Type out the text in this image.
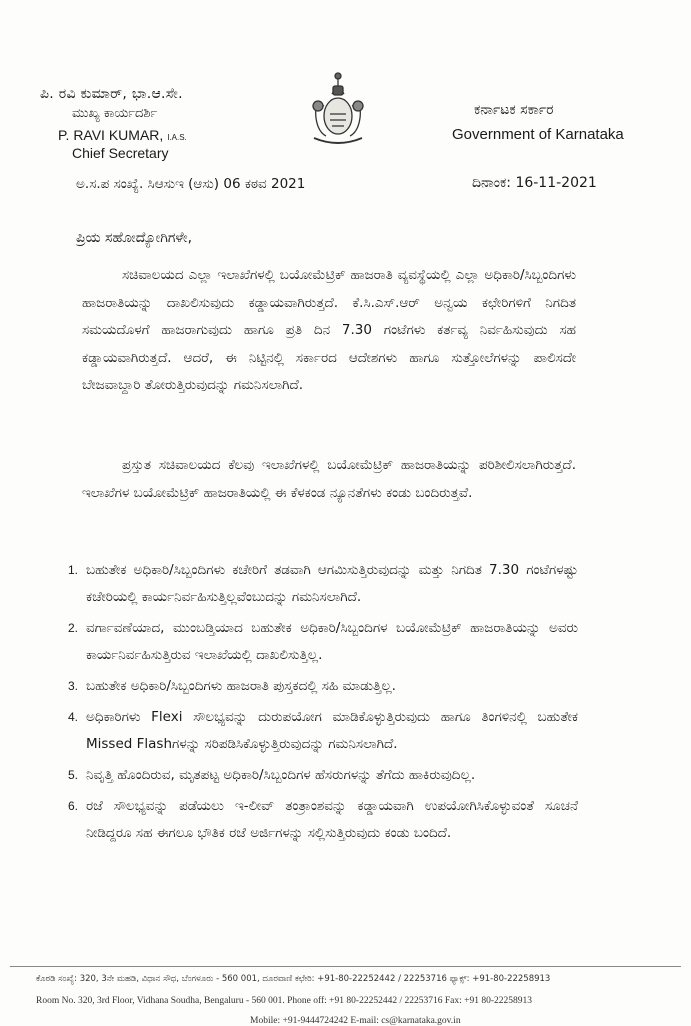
ಪಿ. ರವಿ ಕುಮಾರ್, ಭಾ.ಆ.ಸೇ.
ಮುಖ್ಯ ಕಾರ್ಯದರ್ಶಿ
P. RAVI KUMAR, I.A.S.
Chief Secretary
ಕರ್ನಾಟಕ ಸರ್ಕಾರ
Government of Karnataka
ಅ.ಸ.ಪ ಸಂಖ್ಯೆ. ಸಿಆಸುಇ (ಆಸು) 06 ಕಠವ 2021	ದಿನಾಂಕ: 16-11-2021
ಪ್ರಿಯ ಸಹೋದ್ಯೋಗಿಗಳೇ,
ಸಚಿವಾಲಯದ ಎಲ್ಲಾ ಇಲಾಖೆಗಳಲ್ಲಿ ಬಯೋಮೆಟ್ರಿಕ್ ಹಾಜರಾತಿ ವ್ಯವಸ್ಥೆಯಲ್ಲಿ ಎಲ್ಲಾ ಅಧಿಕಾರಿ/ಸಿಬ್ಬಂದಿಗಳು ಹಾಜರಾತಿಯನ್ನು ದಾಖಲಿಸುವುದು ಕಡ್ಡಾಯವಾಗಿರುತ್ತದೆ. ಕೆ.ಸಿ.ಎಸ್.ಆರ್ ಅನ್ವಯ ಕಛೇರಿಗಳಿಗೆ ನಿಗದಿತ ಸಮಯದೊಳಗೆ ಹಾಜರಾಗುವುದು ಹಾಗೂ ಪ್ರತಿ ದಿನ 7.30 ಗಂಟೆಗಳು ಕರ್ತವ್ಯ ನಿರ್ವಹಿಸುವುದು ಸಹ ಕಡ್ಡಾಯವಾಗಿರುತ್ತದೆ. ಆದರೆ, ಈ ನಿಟ್ಟಿನಲ್ಲಿ ಸರ್ಕಾರದ ಆದೇಶಗಳು ಹಾಗೂ ಸುತ್ತೋಲೆಗಳನ್ನು ಪಾಲಿಸದೇ ಬೇಜವಾಬ್ದಾರಿ ತೋರುತ್ತಿರುವುದನ್ನು ಗಮನಿಸಲಾಗಿದೆ.
ಪ್ರಸ್ತುತ ಸಚಿವಾಲಯದ ಕೆಲವು ಇಲಾಖೆಗಳಲ್ಲಿ ಬಯೋಮೆಟ್ರಿಕ್ ಹಾಜರಾತಿಯನ್ನು ಪರಿಶೀಲಿಸಲಾಗಿರುತ್ತದೆ. ಇಲಾಖೆಗಳ ಬಯೋಮೆಟ್ರಿಕ್ ಹಾಜರಾತಿಯಲ್ಲಿ ಈ ಕೆಳಕಂಡ ನ್ಯೂನತೆಗಳು ಕಂಡು ಬಂದಿರುತ್ತವೆ.
1. ಬಹುತೇಕ ಅಧಿಕಾರಿ/ಸಿಬ್ಬಂದಿಗಳು ಕಚೇರಿಗೆ ತಡವಾಗಿ ಆಗಮಿಸುತ್ತಿರುವುದನ್ನು ಮತ್ತು ನಿಗದಿತ 7.30 ಗಂಟೆಗಳಷ್ಟು ಕಚೇರಿಯಲ್ಲಿ ಕಾರ್ಯನಿರ್ವಹಿಸುತ್ತಿಲ್ಲವೆಂಬುದನ್ನು ಗಮನಿಸಲಾಗಿದೆ.
2. ವರ್ಗಾವಣೆಯಾದ, ಮುಂಬಡ್ತಿಯಾದ ಬಹುತೇಕ ಅಧಿಕಾರಿ/ಸಿಬ್ಬಂದಿಗಳ ಬಯೋಮೆಟ್ರಿಕ್ ಹಾಜರಾತಿಯನ್ನು ಅವರು ಕಾರ್ಯನಿರ್ವಹಿಸುತ್ತಿರುವ ಇಲಾಖೆಯಲ್ಲಿ ದಾಖಲಿಸುತ್ತಿಲ್ಲ.
3. ಬಹುತೇಕ ಅಧಿಕಾರಿ/ಸಿಬ್ಬಂದಿಗಳು ಹಾಜರಾತಿ ಪುಸ್ತಕದಲ್ಲಿ ಸಹಿ ಮಾಡುತ್ತಿಲ್ಲ.
4. ಅಧಿಕಾರಿಗಳು Flexi ಸೌಲಭ್ಯವನ್ನು ದುರುಪಯೋಗ ಮಾಡಿಕೊಳ್ಳುತ್ತಿರುವುದು ಹಾಗೂ ತಿಂಗಳಿನಲ್ಲಿ ಬಹುತೇಕ Missed Flashಗಳನ್ನು ಸರಿಪಡಿಸಿಕೊಳ್ಳುತ್ತಿರುವುದನ್ನು ಗಮನಿಸಲಾಗಿದೆ.
5. ನಿವೃತ್ತಿ ಹೊಂದಿರುವ, ಮೃತಪಟ್ಟ ಅಧಿಕಾರಿ/ಸಿಬ್ಬಂದಿಗಳ ಹೆಸರುಗಳನ್ನು ತೆಗೆದು ಹಾಕಿರುವುದಿಲ್ಲ.
6. ರಜೆ ಸೌಲಭ್ಯವನ್ನು ಪಡೆಯಲು ಇ-ಲೀವ್ ತಂತ್ರಾಂಶವನ್ನು ಕಡ್ಡಾಯವಾಗಿ ಉಪಯೋಗಿಸಿಕೊಳ್ಳುವಂತೆ ಸೂಚನೆ ನೀಡಿದ್ದರೂ ಸಹ ಈಗಲೂ ಭೌತಿಕ ರಜೆ ಅರ್ಜಿಗಳನ್ನು ಸಲ್ಲಿಸುತ್ತಿರುವುದು ಕಂಡು ಬಂದಿದೆ.
ಕೊಠಡಿ ಸಂಖ್ಯೆ: 320, 3ನೇ ಮಹಡಿ, ವಿಧಾನ ಸೌಧ, ಬೆಂಗಳೂರು - 560 001, ದೂರವಾಣಿ ಕಛೇರಿ: +91-80-22252442 / 22253716 ಫ್ಯಾಕ್ಸ್: +91-80-22258913
Room No. 320, 3rd Floor, Vidhana Soudha, Bengaluru - 560 001. Phone off: +91 80-22252442 / 22253716 Fax: +91 80-22258913
Mobile: +91-9444724242 E-mail: cs@karnataka.gov.in
